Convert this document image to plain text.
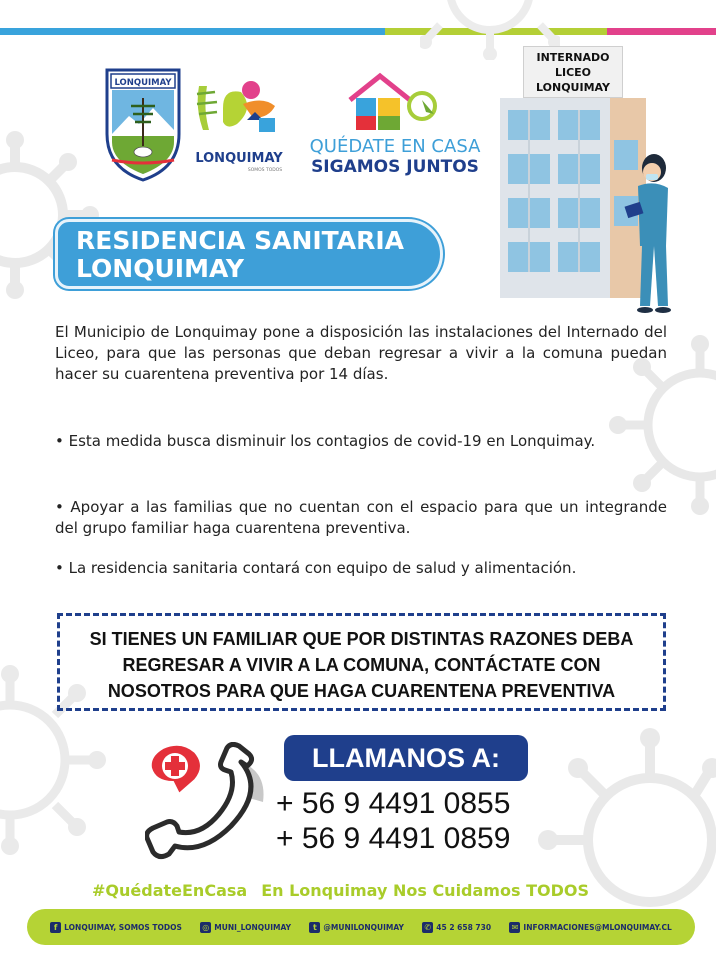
LONQUIMAY
LONQUIMAY
SOMOS TODOS
QUÉDATE EN CASA
SIGAMOS JUNTOS
INTERNADO
LICEO
LONQUIMAY
RESIDENCIA SANITARIA
LONQUIMAY

El Municipio de Lonquimay pone a disposición las instalaciones del Internado del Liceo, para que las personas que deban regresar a vivir a la comuna puedan hacer su cuarentena preventiva por 14 días.

• Esta medida busca disminuir los contagios de covid-19 en Lonquimay.

• Apoyar a las familias que no cuentan con el espacio para que un integrande del grupo familiar haga cuarentena preventiva.

• La residencia sanitaria contará con equipo de salud y alimentación.

SI TIENES UN FAMILIAR QUE POR DISTINTAS RAZONES DEBA
REGRESAR A VIVIR A LA COMUNA, CONTÁCTATE CON
NOSOTROS PARA QUE HAGA CUARENTENA PREVENTIVA
LLAMANOS A:
+ 56 9 4491 0855
+ 56 9 4491 0859
#QuédateEnCasa En Lonquimay Nos Cuidamos TODOS
f LONQUIMAY, SOMOS TODOS	◎ MUNI_LONQUIMAY	t @MUNILONQUIMAY	✆ 45 2 658 730	✉ INFORMACIONES@MLONQUIMAY.CL
